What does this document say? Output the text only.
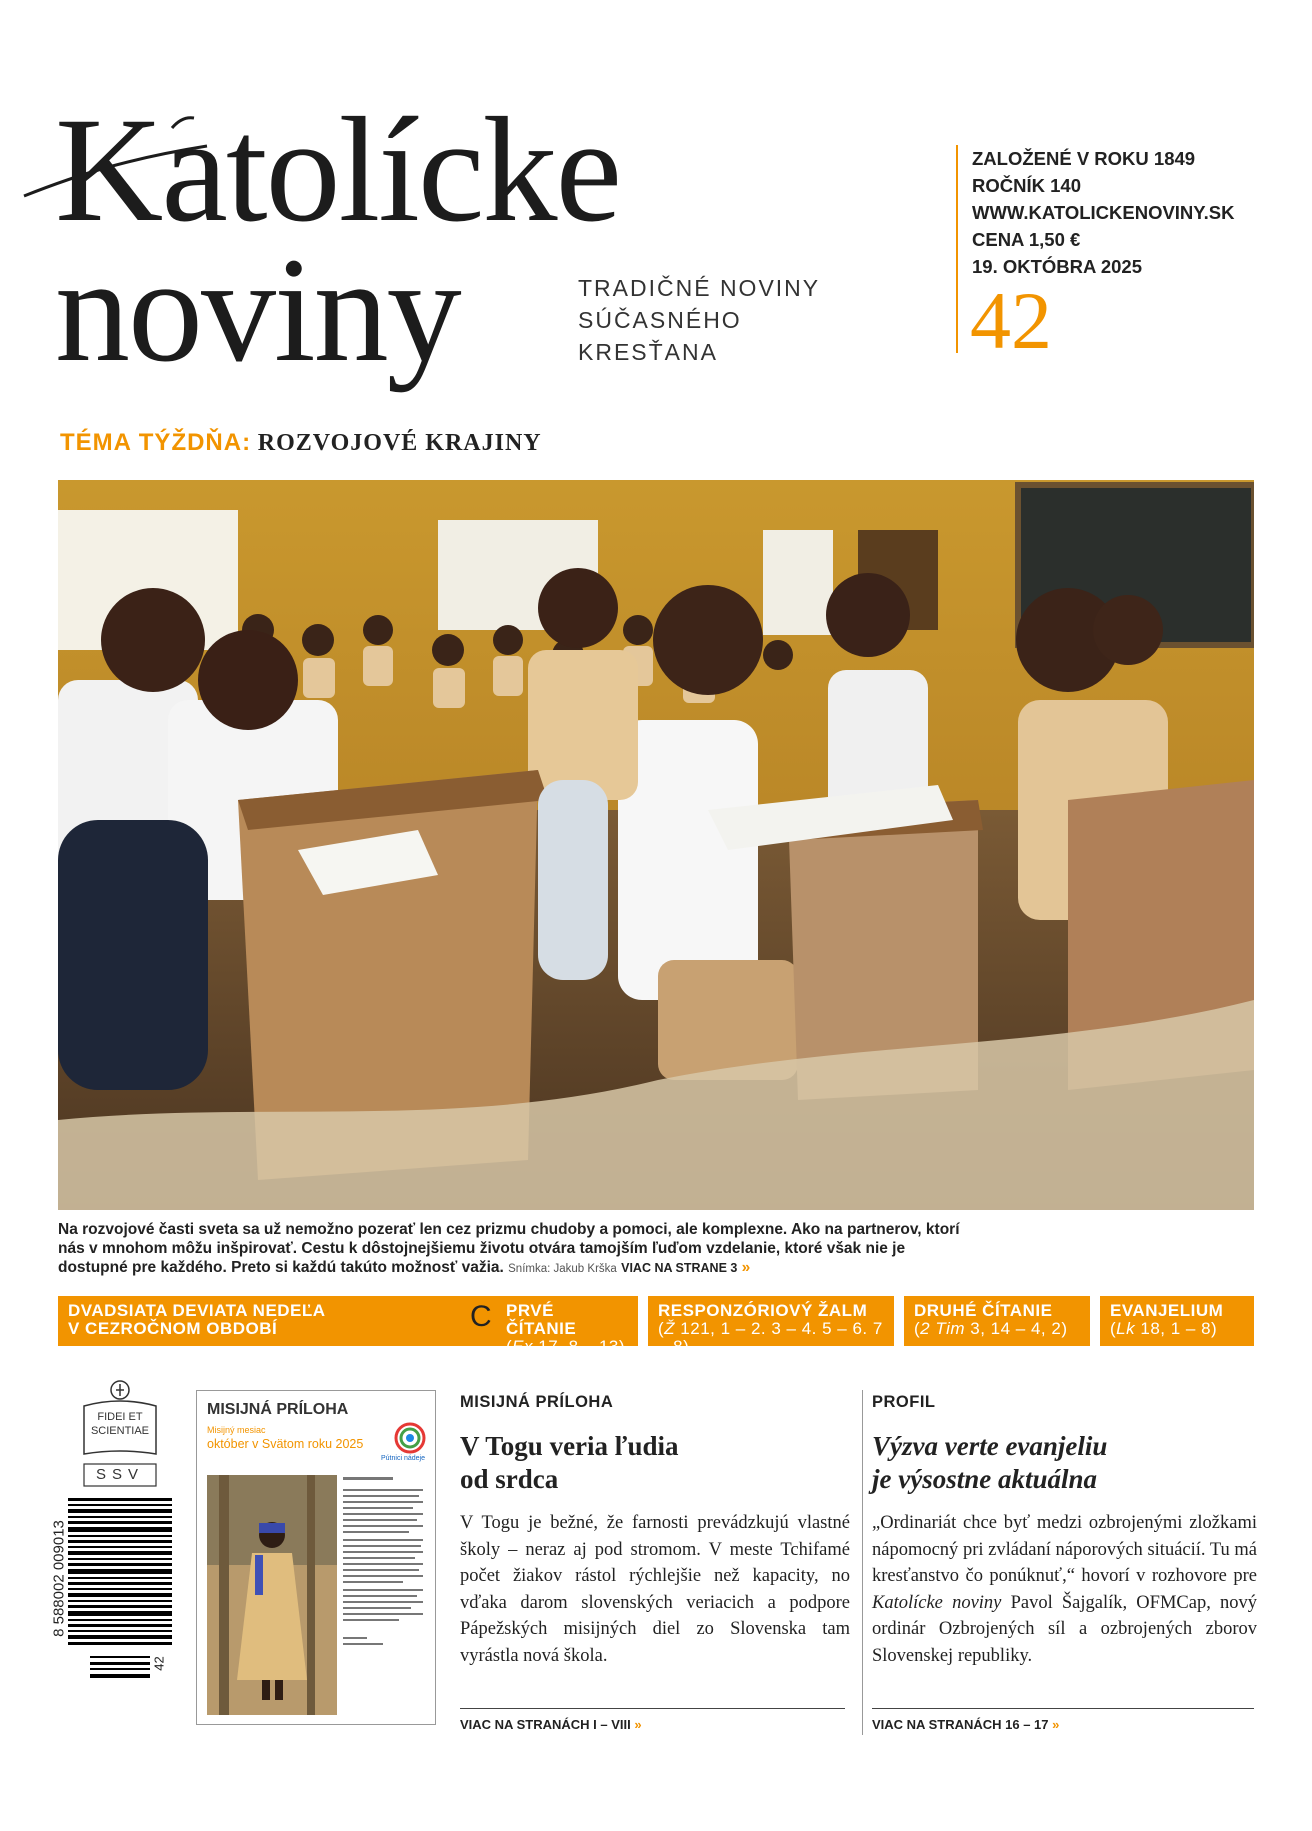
Katolícke
noviny	TRADIČNÉ NOVINY
SÚČASNÉHO
KRESŤANA
ZALOŽENÉ V ROKU 1849
ROČNÍK 140
WWW.KATOLICKENOVINY.SK
CENA 1,50 €
19. OKTÓBRA 2025
42
TÉMA TÝŽDŇA: ROZVOJOVÉ KRAJINY
Na rozvojové časti sveta sa už nemožno pozerať len cez prizmu chudoby a pomoci, ale komplexne. Ako na partnerov, ktorí nás v mnohom môžu inšpirovať. Cestu k dôstojnejšiemu životu otvára tamojším ľuďom vzdelanie, ktoré však nie je dostupné pre každého. Preto si každú takúto možnosť važia. Snímka: Jakub Krška VIAC NA STRANE 3 »
DVADSIATA DEVIATA NEDEĽA
V CEZROČNOM OBDOBÍ	C PRVÉ ČÍTANIE
(Ex 17, 8 – 13)
RESPONZÓRIOVÝ ŽALM
(Ž 121, 1 – 2. 3 – 4. 5 – 6. 7 – 8)
DRUHÉ ČÍTANIE
(2 Tim 3, 14 – 4, 2)
EVANJELIUM
(Lk 18, 1 – 8)
FIDEI ET
SCIENTIAE
SSV
8 588002 009013
42
MISIJNÁ PRÍLOHA
Misijný mesiac
október v Svätom roku 2025
Pútnici nádeje
MISIJNÁ PRÍLOHA
V Togu veria ľudia
od srdca
V Togu je bežné, že farnosti prevádzkujú vlastné školy – neraz aj pod stromom. V meste Tchifamé počet žiakov rástol rýchlejšie než kapacity, no vďaka darom slovenských veriacich a podpore Pápežských misijných diel zo Slovenska tam vyrástla nová škola.
VIAC NA STRANÁCH I – VIII »
PROFIL
Výzva verte evanjeliu
je výsostne aktuálna
„Ordinariát chce byť medzi ozbrojenými zložkami nápomocný pri zvládaní náporových situácií. Tu má kresťanstvo čo ponúknuť,“ hovorí v rozhovore pre Katolícke noviny Pavol Šajgalík, OFMCap, nový ordinár Ozbrojených síl a ozbrojených zborov Slovenskej republiky.
VIAC NA STRANÁCH 16 – 17 »
